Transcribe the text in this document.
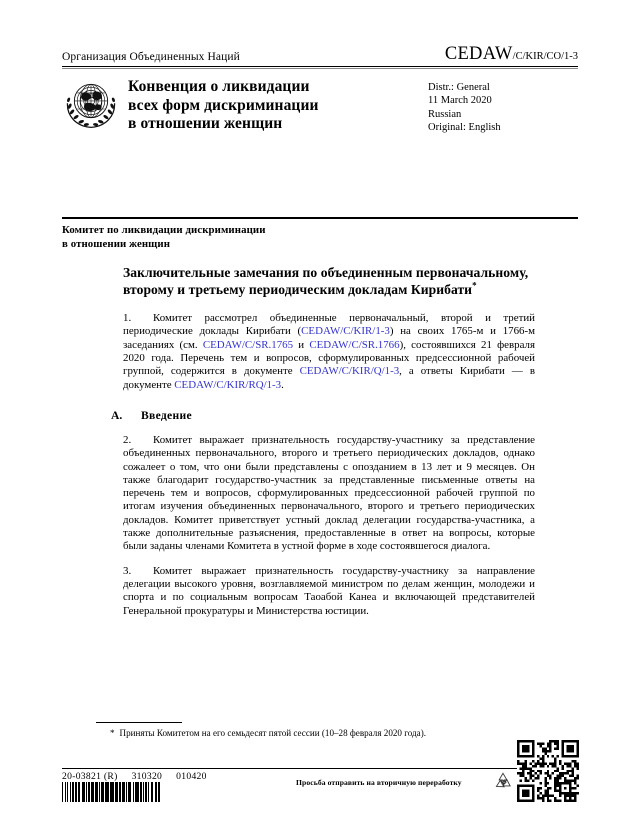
Организация Объединенных Наций	CEDAW/C/KIR/CO/1-3
Конвенция о ликвидации
всех форм дискриминации
в отношении женщин
Distr.: General
11 March 2020
Russian
Original: English
Комитет по ликвидации дискриминации
в отношении женщин
Заключительные замечания по объединенным первоначальному, второму и третьему периодическим докладам Кирибати*

1. Комитет рассмотрел объединенные первоначальный, второй и третий периодические доклады Кирибати (CEDAW/C/KIR/1-3) на своих 1765-м и 1766-м заседаниях (см. CEDAW/C/SR.1765 и CEDAW/C/SR.1766), состоявшихся 21 февраля 2020 года. Перечень тем и вопросов, сформулированных предсессионной рабочей группой, содержится в документе CEDAW/C/KIR/Q/1-3, а ответы Кирибати — в документе CEDAW/C/KIR/RQ/1-3.

A.	Введение

2. Комитет выражает признательность государству-участнику за представление объединенных первоначального, второго и третьего периодических докладов, однако сожалеет о том, что они были представлены с опозданием в 13 лет и 9 месяцев. Он также благодарит государство-участник за представленные письменные ответы на перечень тем и вопросов, сформулированных предсессионной рабочей группой по итогам изучения объединенных первоначального, второго и третьего периодических докладов. Комитет приветствует устный доклад делегации государства-участника, а также дополнительные разъяснения, предоставленные в ответ на вопросы, которые были заданы членами Комитета в устной форме в ходе состоявшегося диалога.

3. Комитет выражает признательность государству-участнику за направление делегации высокого уровня, возглавляемой министром по делам женщин, молодежи и спорта и по социальным вопросам Таоабой Канеа и включающей представителей Генеральной прокуратуры и Министерства юстиции.

* Приняты Комитетом на его семьдесят пятой сессии (10–28 февраля 2020 года).
20-03821 (R) 310320 010420
Просьба отправить на вторичную переработку
